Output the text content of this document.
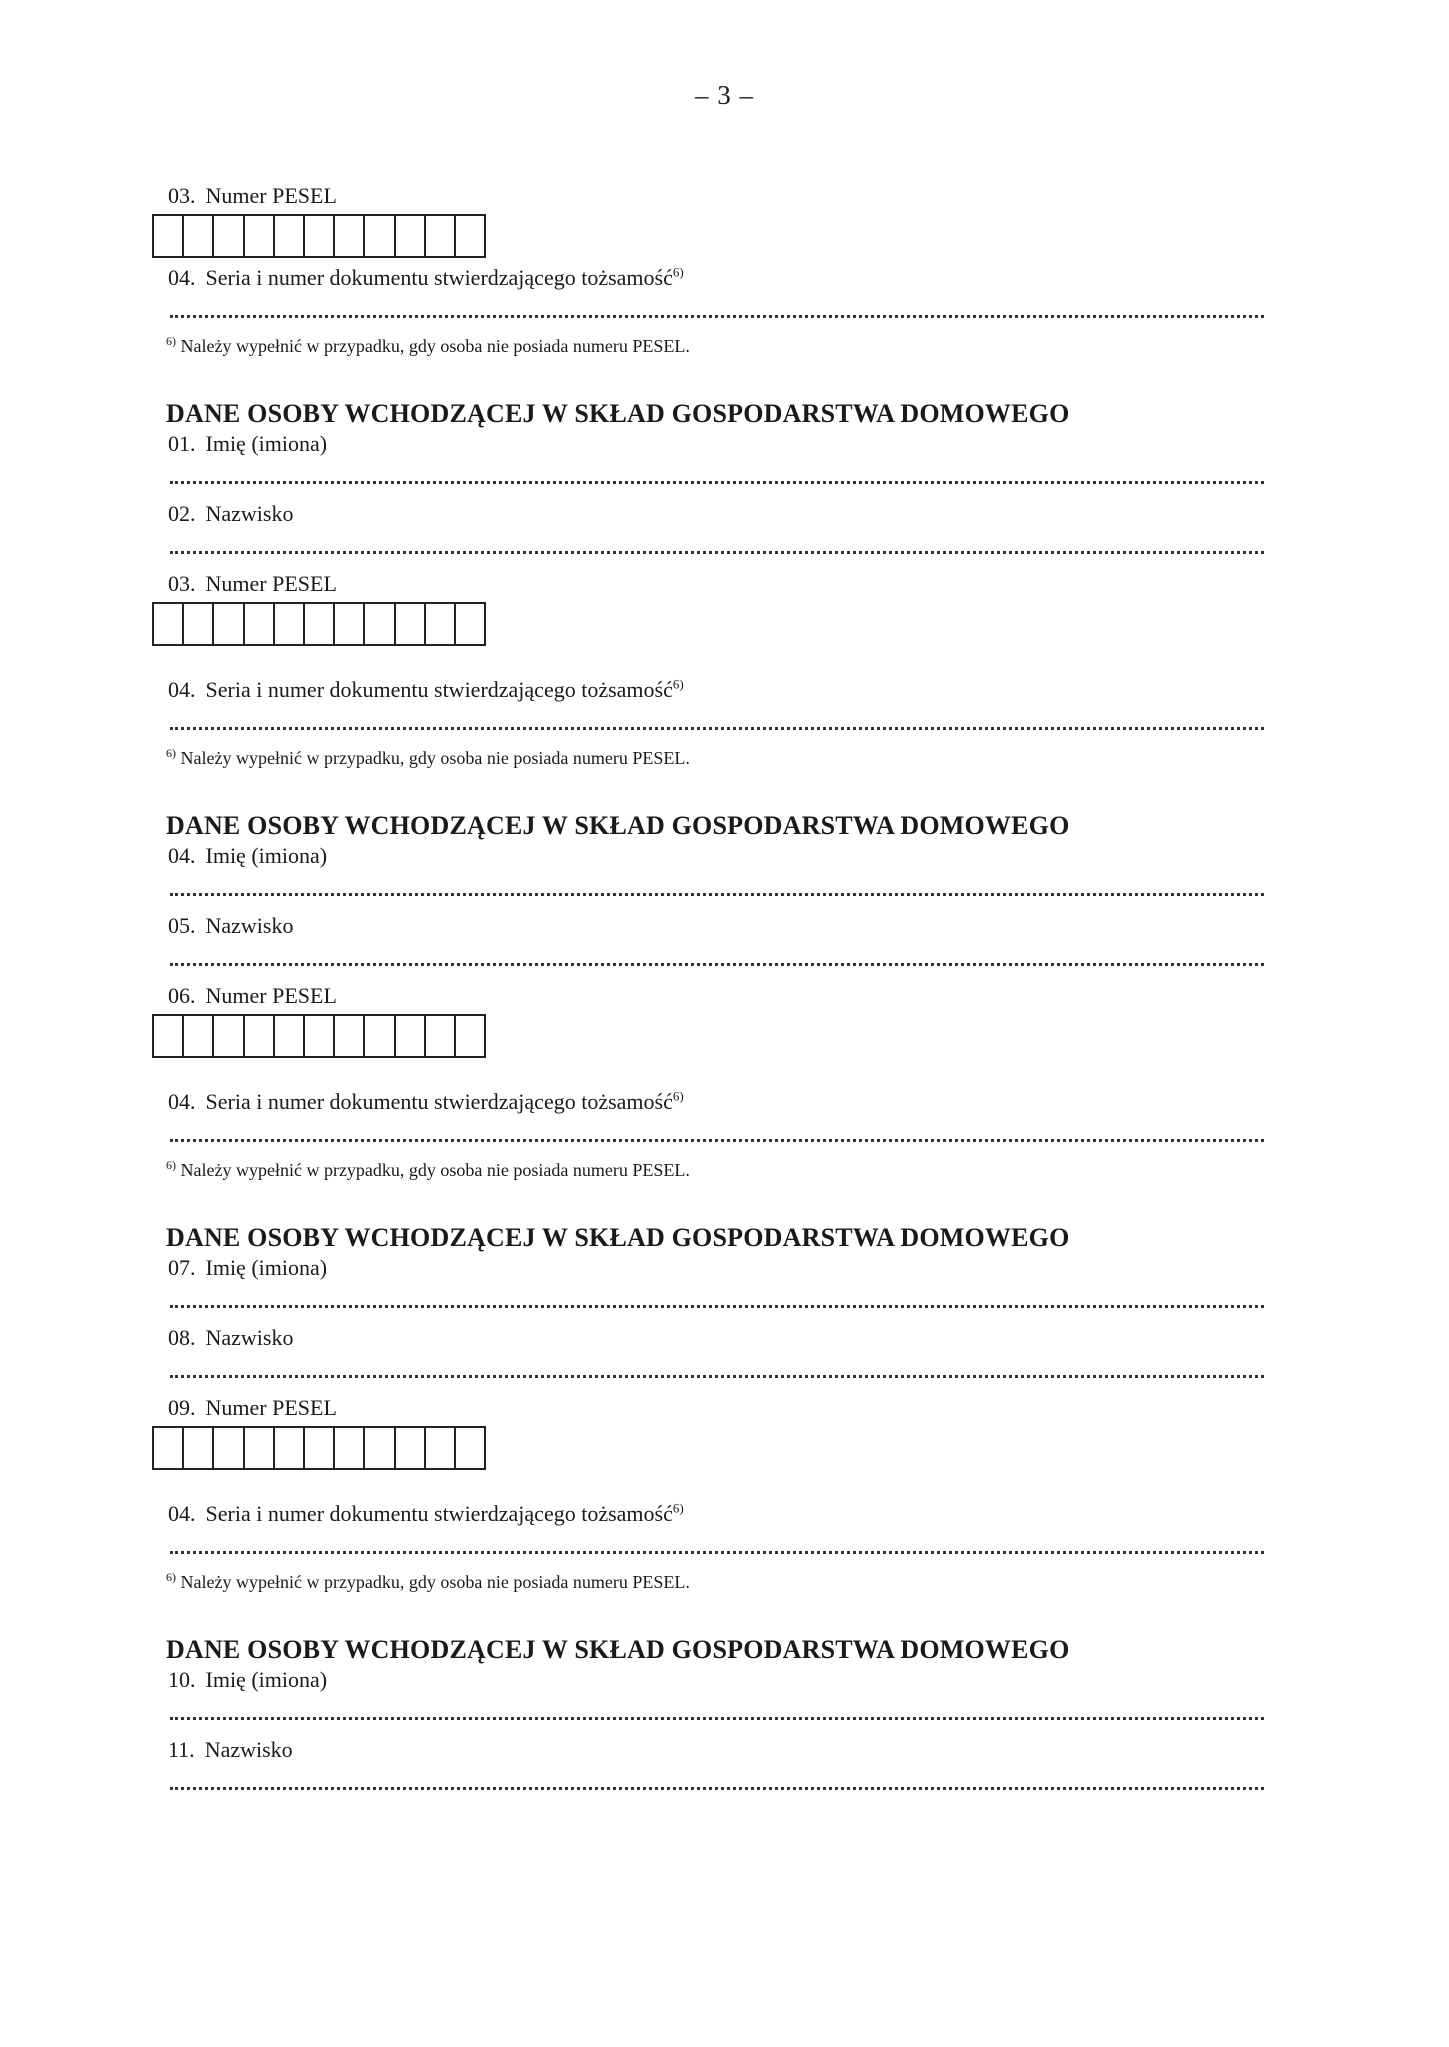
– 3 –
03. Numer PESEL
04. Seria i numer dokumentu stwierdzającego tożsamość$^{6)}$
$^{6)}$ Należy wypełnić w przypadku, gdy osoba nie posiada numeru PESEL.
DANE OSOBY WCHODZĄCEJ W SKŁAD GOSPODARSTWA DOMOWEGO
01. Imię (imiona)
02. Nazwisko
03. Numer PESEL
04. Seria i numer dokumentu stwierdzającego tożsamość$^{6)}$
$^{6)}$ Należy wypełnić w przypadku, gdy osoba nie posiada numeru PESEL.
DANE OSOBY WCHODZĄCEJ W SKŁAD GOSPODARSTWA DOMOWEGO
04. Imię (imiona)
05. Nazwisko
06. Numer PESEL
04. Seria i numer dokumentu stwierdzającego tożsamość$^{6)}$
$^{6)}$ Należy wypełnić w przypadku, gdy osoba nie posiada numeru PESEL.
DANE OSOBY WCHODZĄCEJ W SKŁAD GOSPODARSTWA DOMOWEGO
07. Imię (imiona)
08. Nazwisko
09. Numer PESEL
04. Seria i numer dokumentu stwierdzającego tożsamość$^{6)}$
$^{6)}$ Należy wypełnić w przypadku, gdy osoba nie posiada numeru PESEL.
DANE OSOBY WCHODZĄCEJ W SKŁAD GOSPODARSTWA DOMOWEGO
10. Imię (imiona)
11. Nazwisko
